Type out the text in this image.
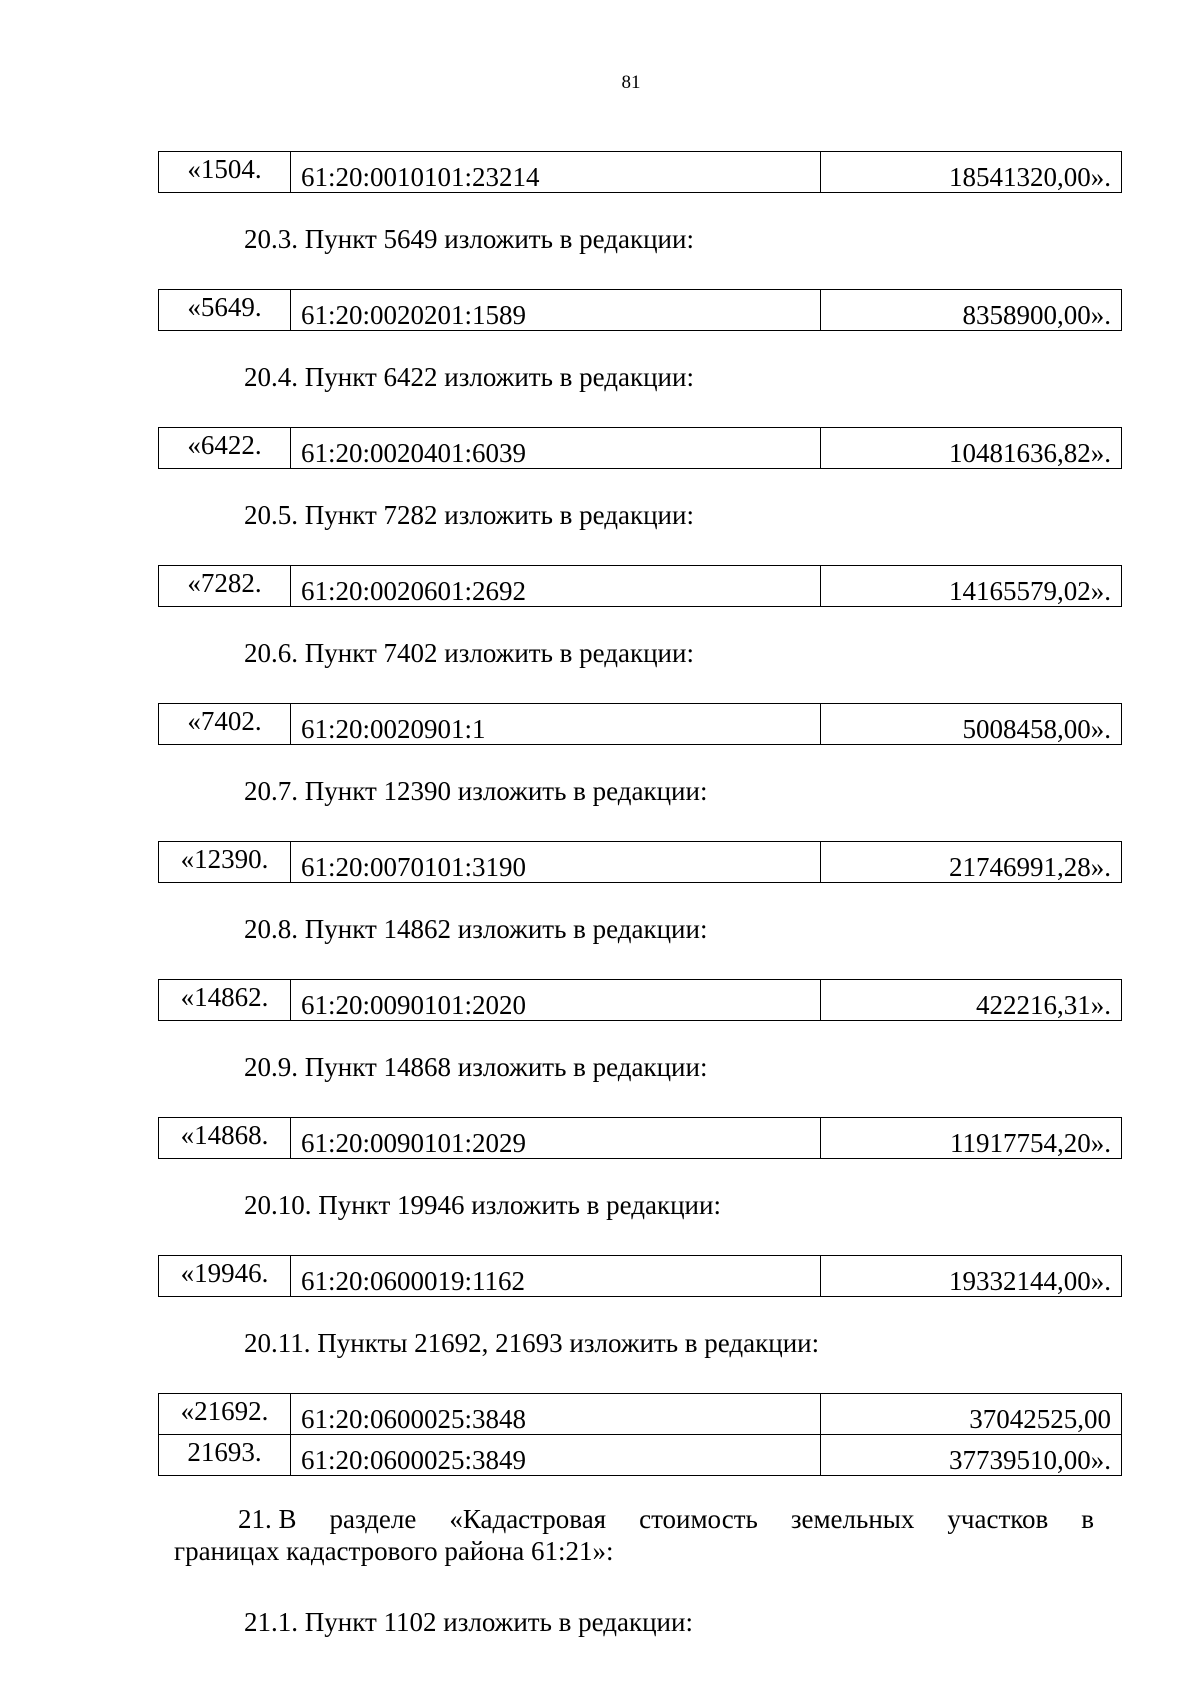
81
«1504.	61:20:0010101:23214	18541320,00».
20.3. Пункт 5649 изложить в редакции:
«5649.	61:20:0020201:1589	8358900,00».
20.4. Пункт 6422 изложить в редакции:
«6422.	61:20:0020401:6039	10481636,82».
20.5. Пункт 7282 изложить в редакции:
«7282.	61:20:0020601:2692	14165579,02».
20.6. Пункт 7402 изложить в редакции:
«7402.	61:20:0020901:1	5008458,00».
20.7. Пункт 12390 изложить в редакции:
«12390.	61:20:0070101:3190	21746991,28».
20.8. Пункт 14862 изложить в редакции:
«14862.	61:20:0090101:2020	422216,31».
20.9. Пункт 14868 изложить в редакции:
«14868.	61:20:0090101:2029	11917754,20».
20.10. Пункт 19946 изложить в редакции:
«19946.	61:20:0600019:1162	19332144,00».
20.11. Пункты 21692, 21693 изложить в редакции:
«21692.	61:20:0600025:3848	37042525,00
21693.	61:20:0600025:3849	37739510,00».
21. В разделе «Кадастровая стоимость земельных участков в
границах кадастрового района 61:21»:
21.1. Пункт 1102 изложить в редакции:
